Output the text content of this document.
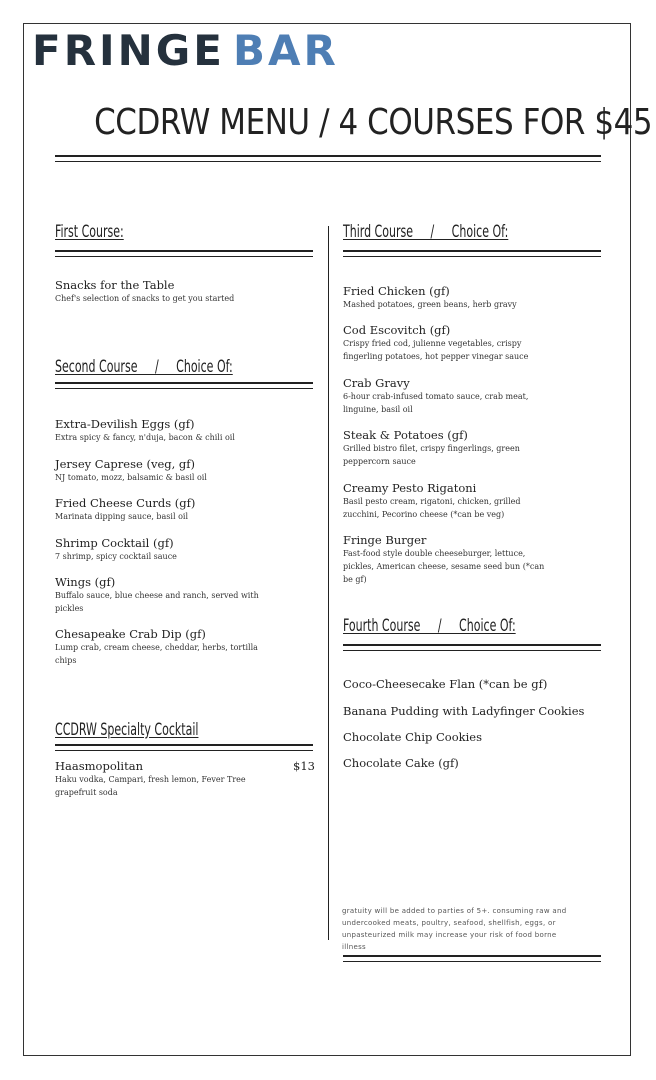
FRINGE BAR
CCDRW MENU / 4 COURSES FOR $45
First Course:
Snacks for the Table
Chef's selection of snacks to get you started
Second Course     /     Choice Of:
Extra-Devilish Eggs (gf)
Extra spicy & fancy, n'duja, bacon & chili oil
Jersey Caprese (veg, gf)
NJ tomato, mozz, balsamic & basil oil
Fried Cheese Curds (gf)
Marinata dipping sauce, basil oil
Shrimp Cocktail (gf)
7 shrimp, spicy cocktail sauce
Wings (gf)
Buffalo sauce, blue cheese and ranch, served with pickles
Chesapeake Crab Dip (gf)
Lump crab, cream cheese, cheddar, herbs, tortilla chips
CCDRW Specialty Cocktail
Haasmopolitan	$13
Haku vodka, Campari, fresh lemon, Fever Tree grapefruit soda
Third Course     /     Choice Of:
Fried Chicken (gf)
Mashed potatoes, green beans, herb gravy
Cod Escovitch (gf)
Crispy fried cod, julienne vegetables, crispy fingerling potatoes, hot pepper vinegar sauce
Crab Gravy
6-hour crab-infused tomato sauce, crab meat, linguine, basil oil
Steak & Potatoes (gf)
Grilled bistro filet, crispy fingerlings, green peppercorn sauce
Creamy Pesto Rigatoni
Basil pesto cream, rigatoni, chicken, grilled zucchini, Pecorino cheese (*can be veg)
Fringe Burger
Fast-food style double cheeseburger, lettuce, pickles, American cheese, sesame seed bun (*can be gf)
Fourth Course     /     Choice Of:
Coco-Cheesecake Flan (*can be gf)
Banana Pudding with Ladyfinger Cookies
Chocolate Chip Cookies
Chocolate Cake (gf)
gratuity will be added to parties of 5+. consuming raw and undercooked meats, poultry, seafood, shellfish, eggs, or unpasteurized milk may increase your risk of food borne illness
